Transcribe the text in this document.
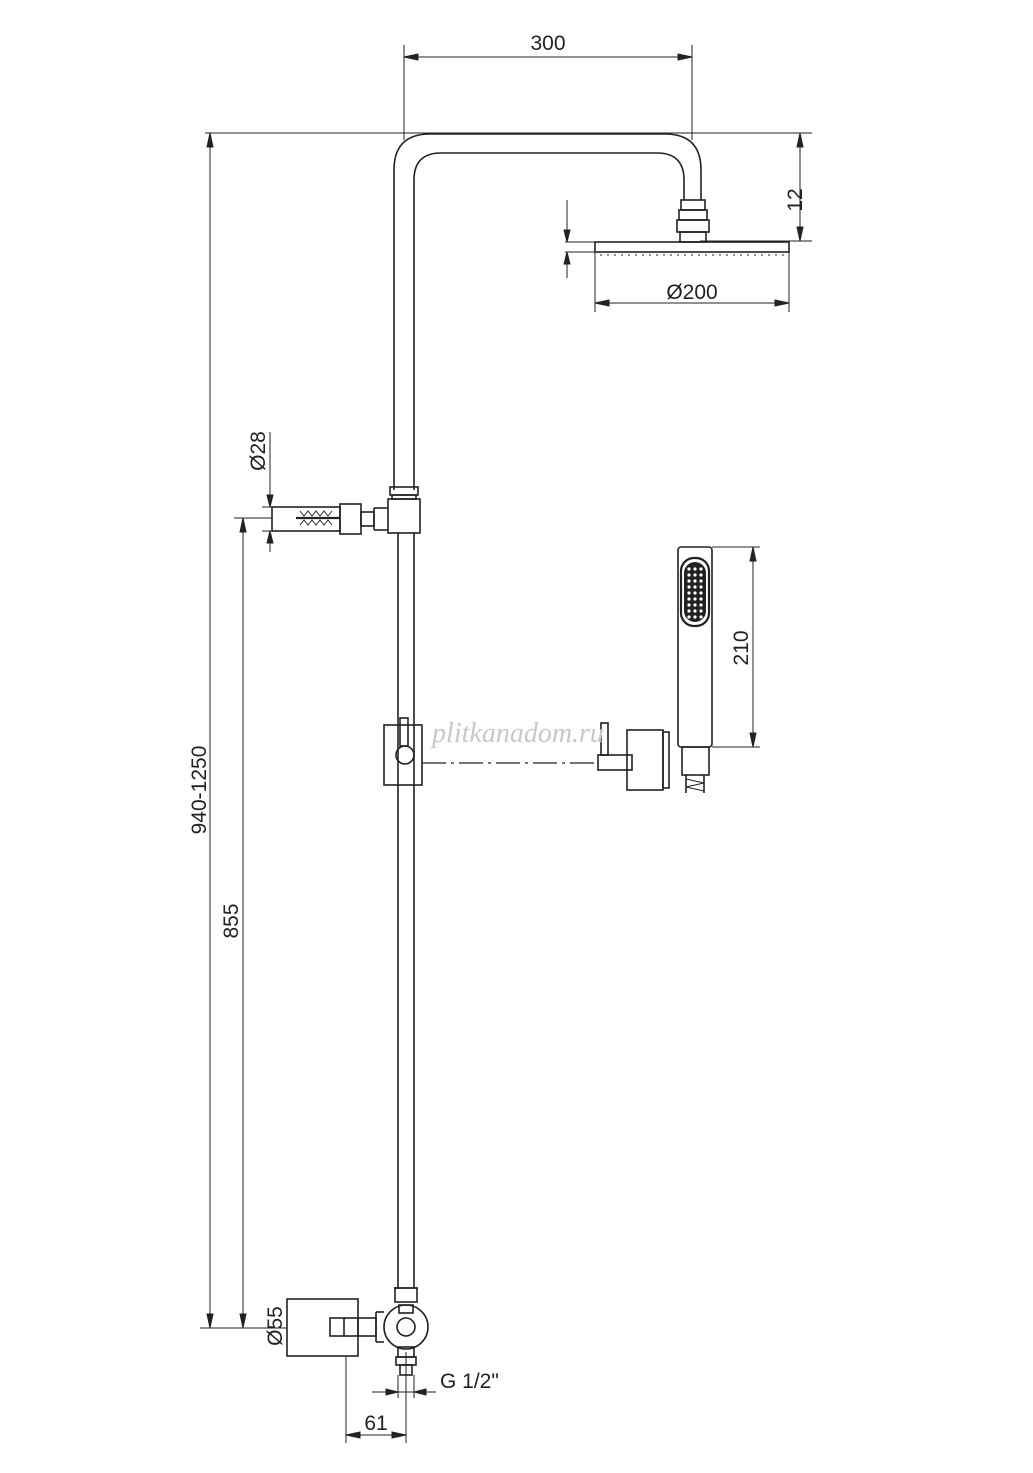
300
12
Ø200
Ø28
210
plitkanadom.ru
Ø55
G 1/2"
61
940-1250
855
